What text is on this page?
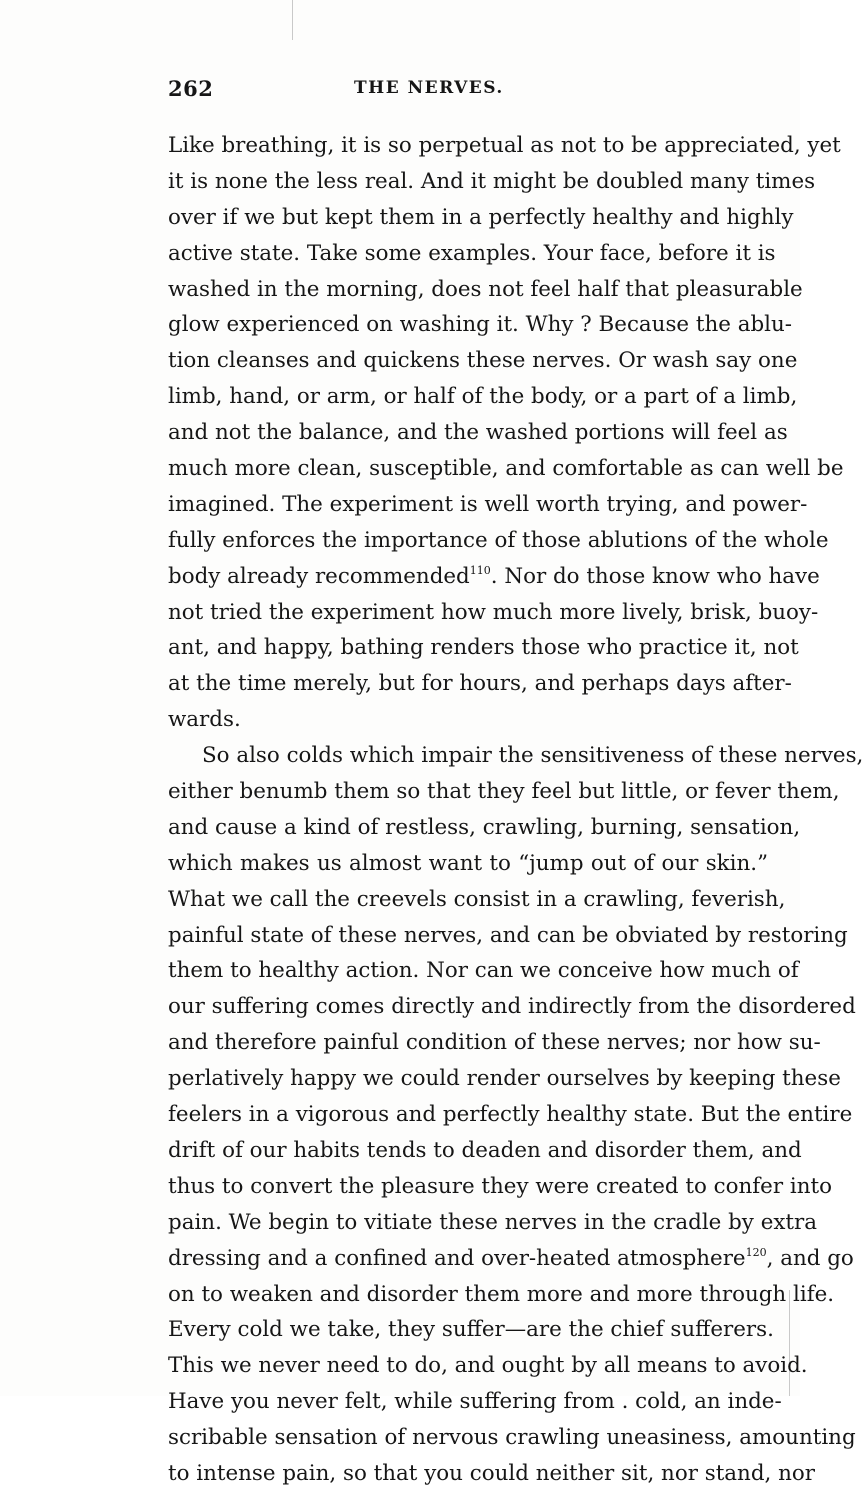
262	THE NERVES.
Like breathing, it is so perpetual as not to be appreciated, yet
it is none the less real. And it might be doubled many times
over if we but kept them in a perfectly healthy and highly
active state. Take some examples. Your face, before it is
washed in the morning, does not feel half that pleasurable
glow experienced on washing it. Why ? Because the ablu-
tion cleanses and quickens these nerves. Or wash say one
limb, hand, or arm, or half of the body, or a part of a limb,
and not the balance, and the washed portions will feel as
much more clean, susceptible, and comfortable as can well be
imagined. The experiment is well worth trying, and power-
fully enforces the importance of those ablutions of the whole
body already recommended$^{110}$. Nor do those know who have
not tried the experiment how much more lively, brisk, buoy-
ant, and happy, bathing renders those who practice it, not
at the time merely, but for hours, and perhaps days after-
wards.
So also colds which impair the sensitiveness of these nerves,
either benumb them so that they feel but little, or fever them,
and cause a kind of restless, crawling, burning, sensation,
which makes us almost want to “jump out of our skin.”
What we call the creevels consist in a crawling, feverish,
painful state of these nerves, and can be obviated by restoring
them to healthy action. Nor can we conceive how much of
our suffering comes directly and indirectly from the disordered
and therefore painful condition of these nerves; nor how su-
perlatively happy we could render ourselves by keeping these
feelers in a vigorous and perfectly healthy state. But the entire
drift of our habits tends to deaden and disorder them, and
thus to convert the pleasure they were created to confer into
pain. We begin to vitiate these nerves in the cradle by extra
dressing and a confined and over-heated atmosphere$^{120}$, and go
on to weaken and disorder them more and more through life.
Every cold we take, they suffer—are the chief sufferers.
This we never need to do, and ought by all means to avoid.
Have you never felt, while suffering from . cold, an inde-
scribable sensation of nervous crawling uneasiness, amounting
to intense pain, so that you could neither sit, nor stand, nor
